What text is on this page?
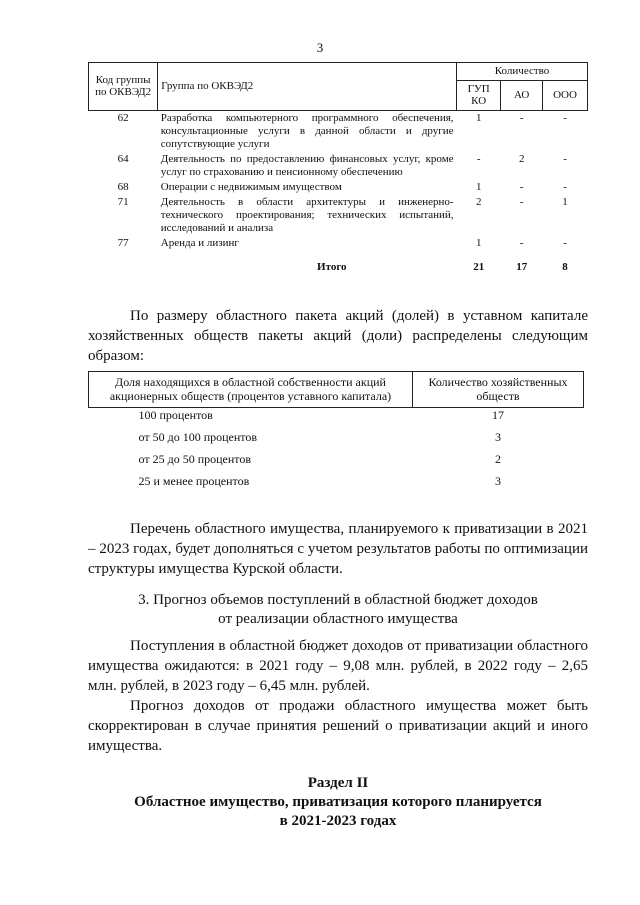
3
Код группы по ОКВЭД2	Группа по ОКВЭД2	Количество		
		ГУП КО	АО	ООО
62	Разработка компьютерного программного обеспечения, консультационные услуги в данной области и другие сопутствующие услуги	1	-	-
64	Деятельность по предоставлению финансовых услуг, кроме услуг по страхованию и пенсионному обеспечению	-	2	-
68	Операции с недвижимым имуществом	1	-	-
71	Деятельность в области архитектуры и инженерно-технического проектирования; технических испытаний, исследований и анализа	2	-	1
77	Аренда и лизинг	1	-	-
	Итого	21	17	8

По размеру областного пакета акций (долей) в уставном капитале хозяйственных обществ пакеты акций (доли) распределены следующим образом:

Доля находящихся в областной собственности акций акционерных обществ (процентов уставного капитала)	Количество хозяйственных обществ
100 процентов	17
от 50 до 100 процентов	3
от 25 до 50 процентов	2
25 и менее процентов	3

Перечень областного имущества, планируемого к приватизации в 2021 – 2023 годах, будет дополняться с учетом результатов работы по оптимизации структуры имущества Курской области.

3. Прогноз объемов поступлений в областной бюджет доходов
от реализации областного имущества

Поступления в областной бюджет доходов от приватизации областного имущества ожидаются: в 2021 году – 9,08 млн. рублей, в 2022 году – 2,65 млн. рублей, в 2023 году – 6,45 млн. рублей.

Прогноз доходов от продажи областного имущества может быть скорректирован в случае принятия решений о приватизации акций и иного имущества.

Раздел II
Областное имущество, приватизация которого планируется
в 2021-2023 годах
